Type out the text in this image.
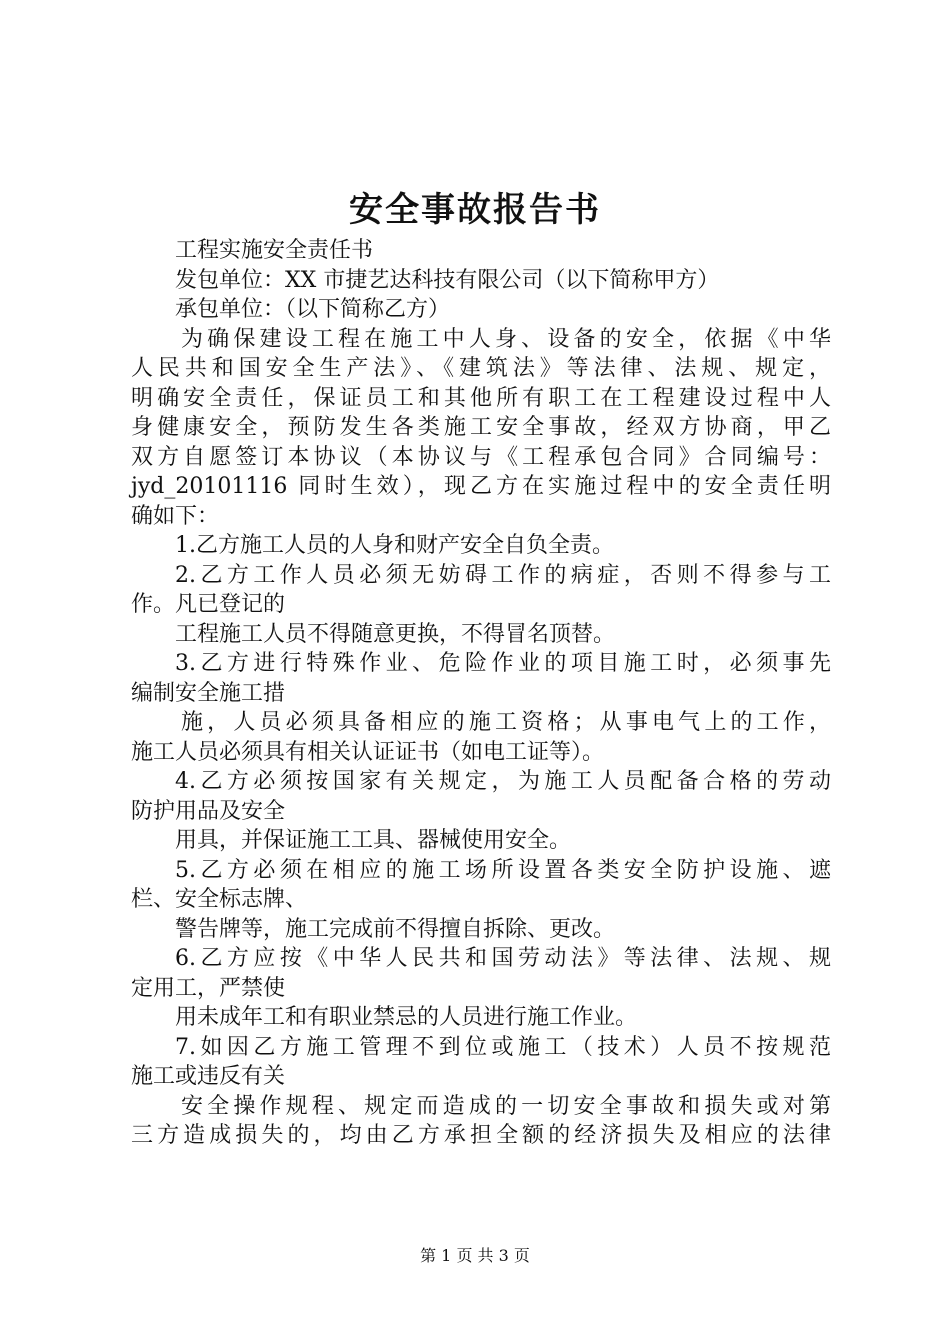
安全事故报告书
工程实施安全责任书
发包单位：XX 市捷艺达科技有限公司（以下简称甲方）
承包单位：（以下简称乙方）
为确保建设工程在施工中人身、设备的安全，依据《中华
人民共和国安全生产法》、《建筑法》等法律、法规、规定，
明确安全责任，保证员工和其他所有职工在工程建设过程中人
身健康安全，预防发生各类施工安全事故，经双方协商，甲乙
双方自愿签订本协议（本协议与《工程承包合同》合同编号：
jyd_20101116 同时生效），现乙方在实施过程中的安全责任明
确如下：
1.乙方施工人员的人身和财产安全自负全责。
2.乙方工作人员必须无妨碍工作的病症，否则不得参与工
作。凡已登记的
工程施工人员不得随意更换，不得冒名顶替。
3.乙方进行特殊作业、危险作业的项目施工时，必须事先
编制安全施工措
施，人员必须具备相应的施工资格；从事电气上的工作，
施工人员必须具有相关认证证书（如电工证等）。
4.乙方必须按国家有关规定，为施工人员配备合格的劳动
防护用品及安全
用具，并保证施工工具、器械使用安全。
5.乙方必须在相应的施工场所设置各类安全防护设施、遮
栏、安全标志牌、
警告牌等，施工完成前不得擅自拆除、更改。
6.乙方应按《中华人民共和国劳动法》等法律、法规、规
定用工，严禁使
用未成年工和有职业禁忌的人员进行施工作业。
7.如因乙方施工管理不到位或施工（技术）人员不按规范
施工或违反有关
安全操作规程、规定而造成的一切安全事故和损失或对第
三方造成损失的，均由乙方承担全额的经济损失及相应的法律
第 1 页 共 3 页
